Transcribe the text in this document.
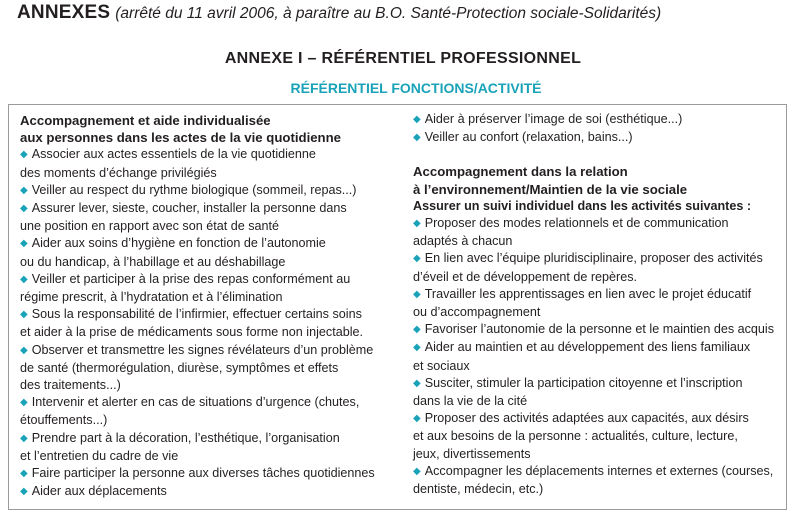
ANNEXES (arrêté du 11 avril 2006, à paraître au B.O. Santé-Protection sociale-Solidarités)
ANNEXE I – RÉFÉRENTIEL PROFESSIONNEL
RÉFÉRENTIEL FONCTIONS/ACTIVITÉ
Accompagnement et aide individualisée
aux personnes dans les actes de la vie quotidienne
◆ Associer aux actes essentiels de la vie quotidienne
des moments d’échange privilégiés
◆ Veiller au respect du rythme biologique (sommeil, repas...)
◆ Assurer lever, sieste, coucher, installer la personne dans
une position en rapport avec son état de santé
◆ Aider aux soins d’hygiène en fonction de l’autonomie
ou du handicap, à l’habillage et au déshabillage
◆ Veiller et participer à la prise des repas conformément au
régime prescrit, à l’hydratation et à l’élimination
◆ Sous la responsabilité de l’infirmier, effectuer certains soins
et aider à la prise de médicaments sous forme non injectable.
◆ Observer et transmettre les signes révélateurs d’un problème
de santé (thermorégulation, diurèse, symptômes et effets
des traitements...)
◆ Intervenir et alerter en cas de situations d’urgence (chutes,
étouffements...)
◆ Prendre part à la décoration, l’esthétique, l’organisation
et l’entretien du cadre de vie
◆ Faire participer la personne aux diverses tâches quotidiennes
◆ Aider aux déplacements
◆ Aider à préserver l’image de soi (esthétique...)
◆ Veiller au confort (relaxation, bains...)
Accompagnement dans la relation
à l’environnement/Maintien de la vie sociale
Assurer un suivi individuel dans les activités suivantes :
◆ Proposer des modes relationnels et de communication
adaptés à chacun
◆ En lien avec l’équipe pluridisciplinaire, proposer des activités
d’éveil et de développement de repères.
◆ Travailler les apprentissages en lien avec le projet éducatif
ou d’accompagnement
◆ Favoriser l’autonomie de la personne et le maintien des acquis
◆ Aider au maintien et au développement des liens familiaux
et sociaux
◆ Susciter, stimuler la participation citoyenne et l’inscription
dans la vie de la cité
◆ Proposer des activités adaptées aux capacités, aux désirs
et aux besoins de la personne : actualités, culture, lecture,
jeux, divertissements
◆ Accompagner les déplacements internes et externes (courses,
dentiste, médecin, etc.)
